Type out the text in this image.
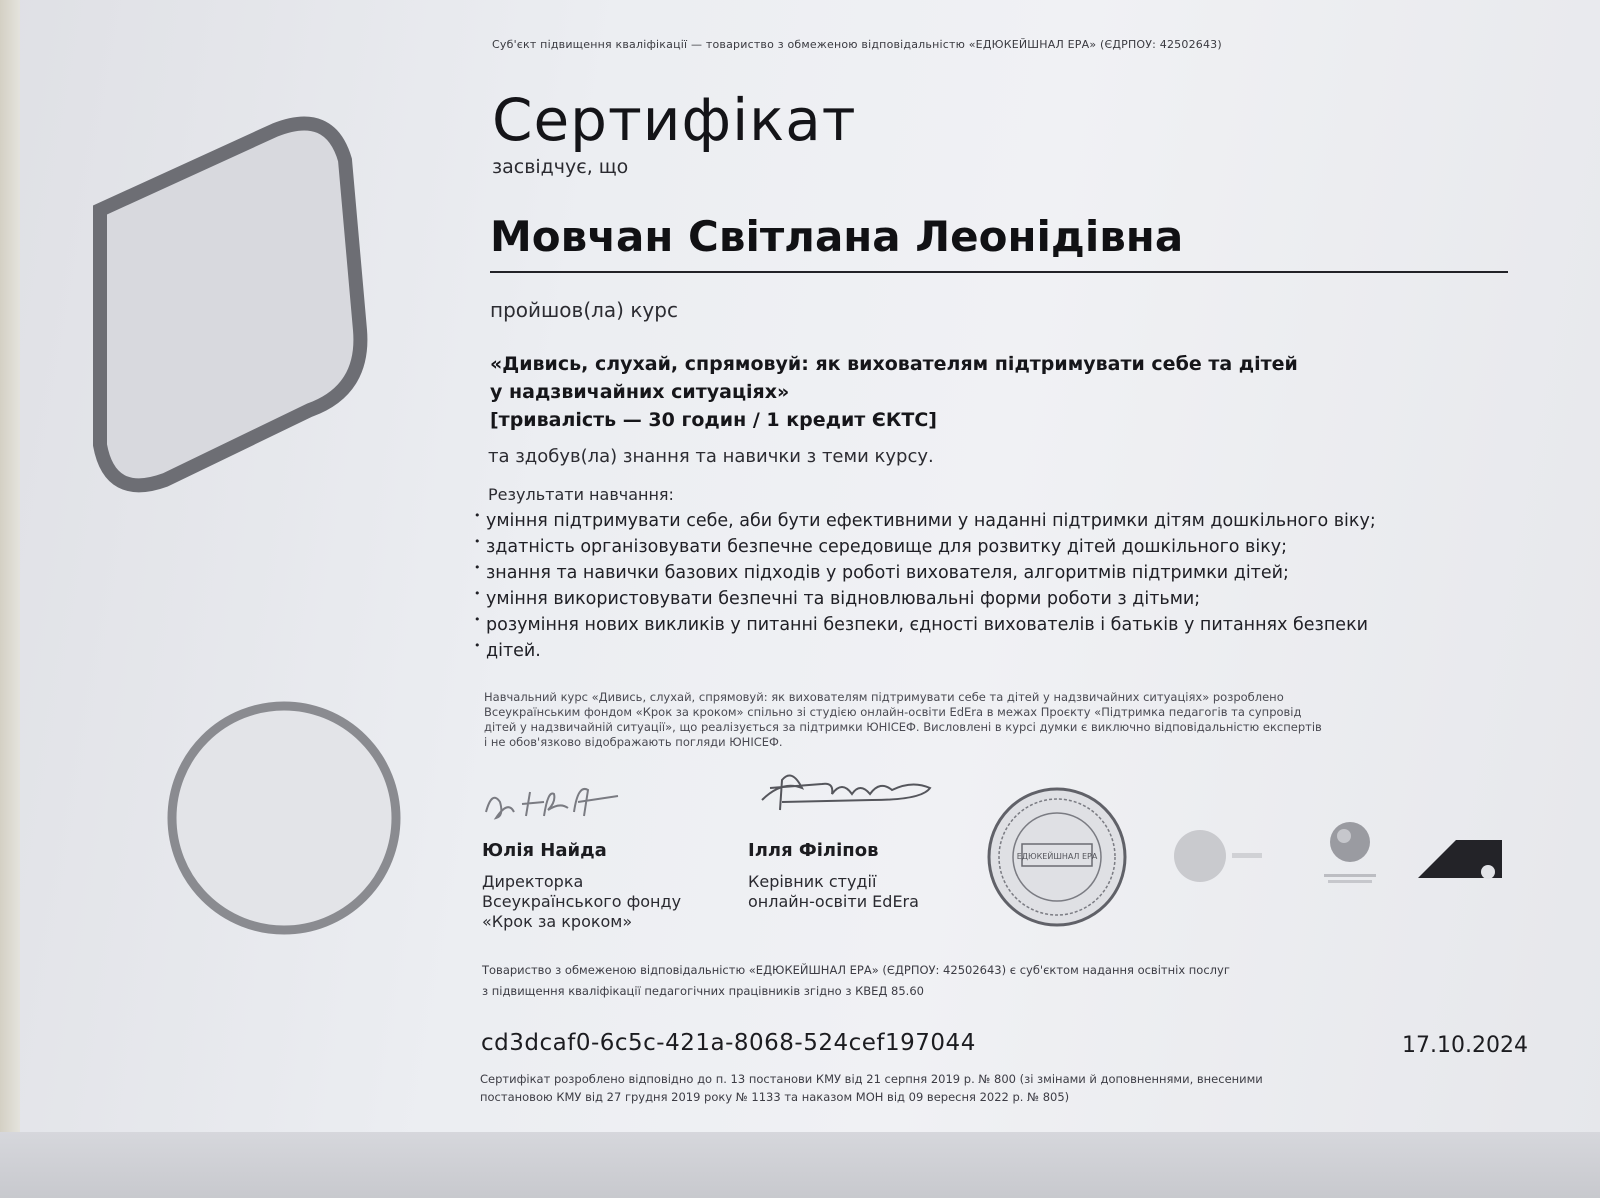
Суб'єкт підвищення кваліфікації — товариство з обмеженою відповідальністю «ЕДЮКЕЙШНАЛ ЕРА» (ЄДРПОУ: 42502643)
Сертифікат
засвідчує, що
Мовчан Світлана Леонідівна
пройшов(ла) курс
«Дивись, слухай, спрямовуй: як вихователям підтримувати себе та дітей
у надзвичайних ситуаціях»
[тривалість — 30 годин / 1 кредит ЄКТС]
та здобув(ла) знання та навички з теми курсу.
Результати навчання:
• уміння підтримувати себе, аби бути ефективними у наданні підтримки дітям дошкільного віку;
• здатність організовувати безпечне середовище для розвитку дітей дошкільного віку;
• знання та навички базових підходів у роботі вихователя, алгоритмів підтримки дітей;
• уміння використовувати безпечні та відновлювальні форми роботи з дітьми;
• розуміння нових викликів у питанні безпеки, єдності вихователів і батьків у питаннях безпеки
• дітей.
Навчальний курс «Дивись, слухай, спрямовуй: як вихователям підтримувати себе та дітей у надзвичайних ситуаціях» розроблено
Всеукраїнським фондом «Крок за кроком» спільно зі студією онлайн-освіти EdEra в межах Проєкту «Підтримка педагогів та супровід
дітей у надзвичайній ситуації», що реалізується за підтримки ЮНІСЕФ. Висловлені в курсі думки є виключно відповідальністю експертів
і не обов'язково відображають погляди ЮНІСЕФ.
Юлія Найда
Директорка
Всеукраїнського фонду
«Крок за кроком»
Ілля Філіпов
Керівник студії
онлайн-освіти EdEra
ЕДЮКЕЙШНАЛ ЕРА
Товариство з обмеженою відповідальністю «ЕДЮКЕЙШНАЛ ЕРА» (ЄДРПОУ: 42502643) є суб'єктом надання освітніх послуг
з підвищення кваліфікації педагогічних працівників згідно з КВЕД 85.60
cd3dcaf0-6c5c-421a-8068-524cef197044	17.10.2024
Сертифікат розроблено відповідно до п. 13 постанови КМУ від 21 серпня 2019 р. № 800 (зі змінами й доповненнями, внесеними
постановою КМУ від 27 грудня 2019 року № 1133 та наказом МОН від 09 вересня 2022 р. № 805)
